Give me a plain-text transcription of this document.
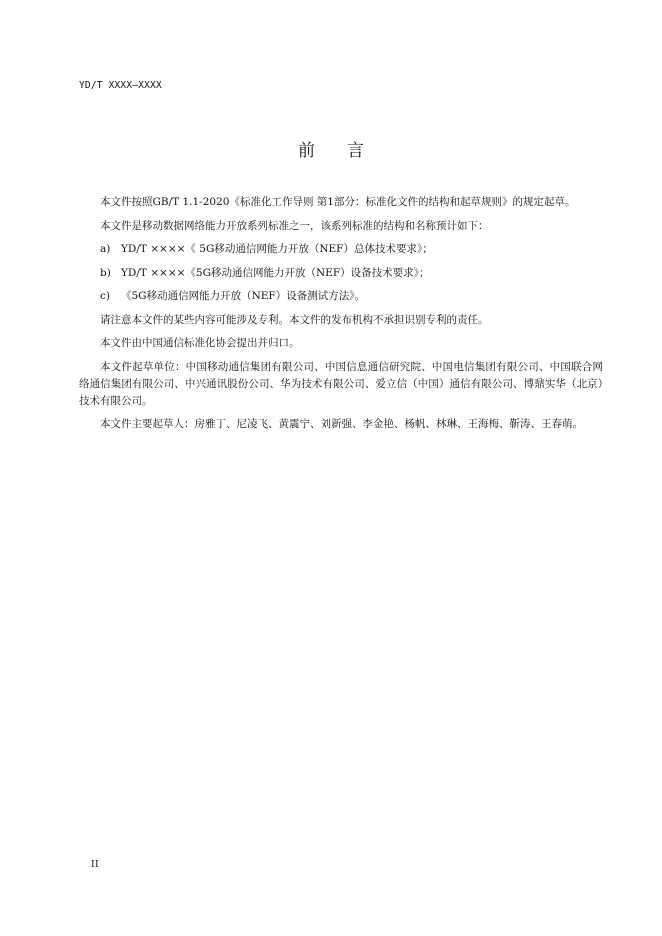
YD/T XXXX—XXXX
前言

本文件按照GB/T 1.1-2020《标准化工作导则 第1部分：标准化文件的结构和起草规则》的规定起草。

本文件是移动数据网络能力开放系列标准之一，该系列标准的结构和名称预计如下：

a) YD/T ××××《 5G移动通信网能力开放（NEF）总体技术要求》；
b) YD/T ××××《5G移动通信网能力开放（NEF）设备技术要求》；
c) 《5G移动通信网能力开放（NEF）设备测试方法》。

请注意本文件的某些内容可能涉及专利。本文件的发布机构不承担识别专利的责任。

本文件由中国通信标准化协会提出并归口。

本文件起草单位：中国移动通信集团有限公司、中国信息通信研究院、中国电信集团有限公司、中国联合网络通信集团有限公司、中兴通讯股份公司、华为技术有限公司、爱立信（中国）通信有限公司、博鼎实华（北京）技术有限公司。

本文件主要起草人：房雅丁、尼凌飞、黄震宁、刘新强、李金艳、杨帆、林琳、王海梅、靳涛、王春萌。

II
